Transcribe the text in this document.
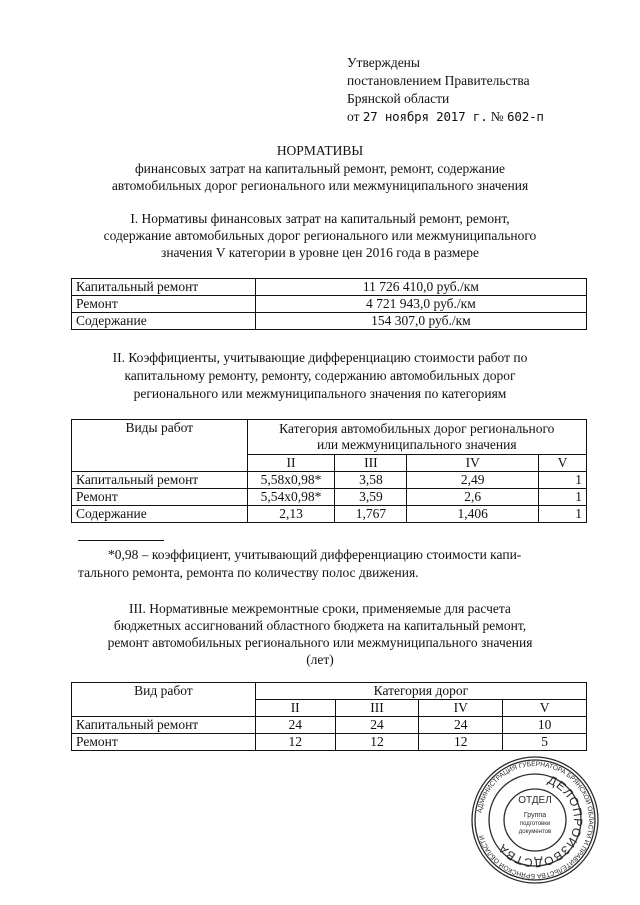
Утверждены
постановлением Правительства
Брянской области
от 27 ноября 2017 г. № 602-п
НОРМАТИВЫ
финансовых затрат на капитальный ремонт, ремонт, содержание
автомобильных дорог регионального или межмуниципального значения
I. Нормативы финансовых затрат на капитальный ремонт, ремонт,
содержание автомобильных дорог регионального или межмуниципального
значения V категории в уровне цен 2016 года в размере
Капитальный ремонт	11 726 410,0 руб./км
Ремонт	4 721 943,0 руб./км
Содержание	154 307,0 руб./км
II. Коэффициенты, учитывающие дифференциацию стоимости работ по
капитальному ремонту, ремонту, содержанию автомобильных дорог
регионального или межмуниципального значения по категориям
Виды работ	Категория автомобильных дорог регионального
или межмуниципального значения			

	II	III	IV	V
Капитальный ремонт	5,58x0,98*	3,58	2,49	1
Ремонт	5,54x0,98*	3,59	2,6	1
Содержание	2,13	1,767	1,406	1
*0,98 – коэффициент, учитывающий дифференциацию стоимости капи-
тального ремонта, ремонта по количеству полос движения.
III. Нормативные межремонтные сроки, применяемые для расчета
бюджетных ассигнований областного бюджета на капитальный ремонт,
ремонт автомобильных регионального или межмуниципального значения
(лет)
Вид работ	Категория дорог			
	II	III	IV	V
Капитальный ремонт	24	24	24	10
Ремонт	12	12	12	5
АДМИНИСТРАЦИЯ ГУБЕРНАТОРА БРЯНСКОЙ ОБЛАСТИ И ПРАВИТЕЛЬСТВА БРЯНСКОЙ ОБЛАСТИ
ДЕЛОПРОИЗВОДСТВА
ОТДЕЛ
Группа
подготовки
документов
